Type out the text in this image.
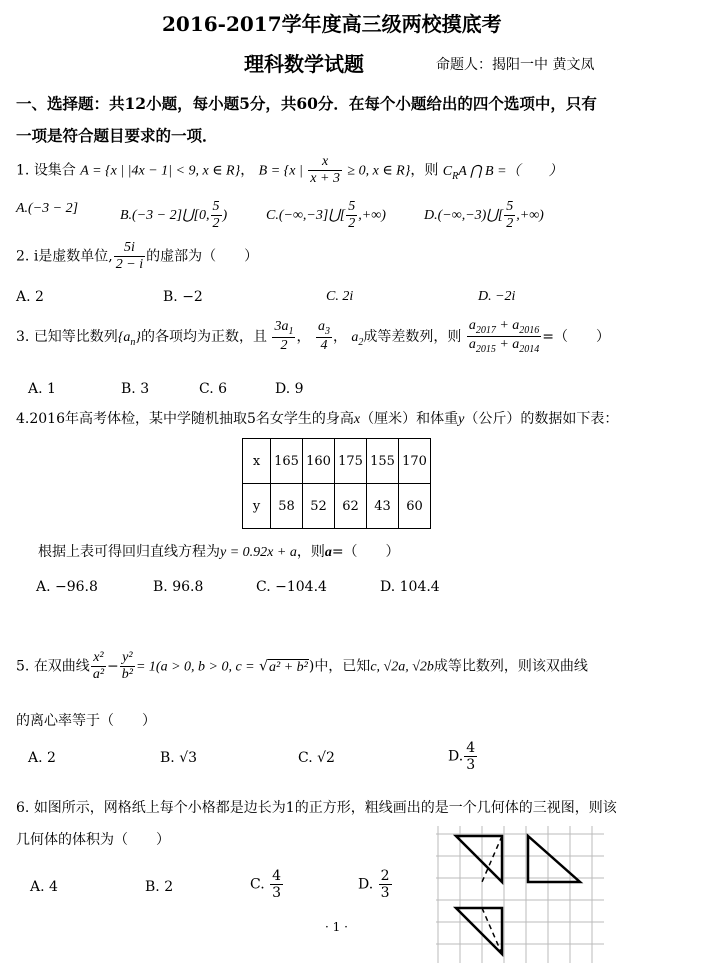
2016-2017学年度高三级两校摸底考
理科数学试题	命题人：揭阳一中 黄文凤
一、选择题：共12小题，每小题5分，共60分．在每个小题给出的四个选项中，只有
一项是符合题目要求的一项．
1. 设集合 A = {x | |4x − 1| < 9, x ∈ R}， B = {x | $\frac{x}{x + 3} \ge 0$, x ∈ R}，则 $C_RA$ ⋂ B =（　　）
A.(−3 − 2]	B.(−3 − 2]⋃[0, $\frac{5}{2}$ )	C.(−∞,−3]⋃[ $\frac{5}{2}$ ,+∞)	D.(−∞,−3)⋃[ $\frac{5}{2}$ ,+∞)
2. i是虚数单位, $\frac{5i}{2 - i}$ 的虚部为（　　）
A. 2	B. −2	C. 2i	D. −2i
3. 已知等比数列$\{a_n\}$的各项均为正数，且 $\frac{3a_1}{2}$ ， $\frac{a_3}{4}$ ， $a_2$成等差数列，则 $\frac{a_{2017} + a_{2016}}{a_{2015} + a_{2014}}$ =（　　）
A. 1	B. 3	C. 6	D. 9
4.2016年高考体检，某中学随机抽取5名女学生的身高x（厘米）和体重y（公斤）的数据如下表：
x	165	160	175	155	170
y	58	52	62	43	60
根据上表可得回归直线方程为y = 0.92x + a，则a=（　　）
A. −96.8	B. 96.8	C. −104.4	D. 104.4
5. 在双曲线 $\frac{\text{x²}}{\text{a²}} - \frac{\text{y²}}{\text{b²}} = 1(a > 0$, b > 0, c = √a² + b²)中，已知c, √2a, √2b成等比数列，则该双曲线
的离心率等于（　　）
A. 2	B. √3	C. √2	D. $\frac{4}{3}$
6. 如图所示，网格纸上每个小格都是边长为1的正方形，粗线画出的是一个几何体的三视图，则该
几何体的体积为（　　）
A. 4	B. 2	C. $\frac{4}{3}$	D. $\frac{2}{3}$
· 1 ·
